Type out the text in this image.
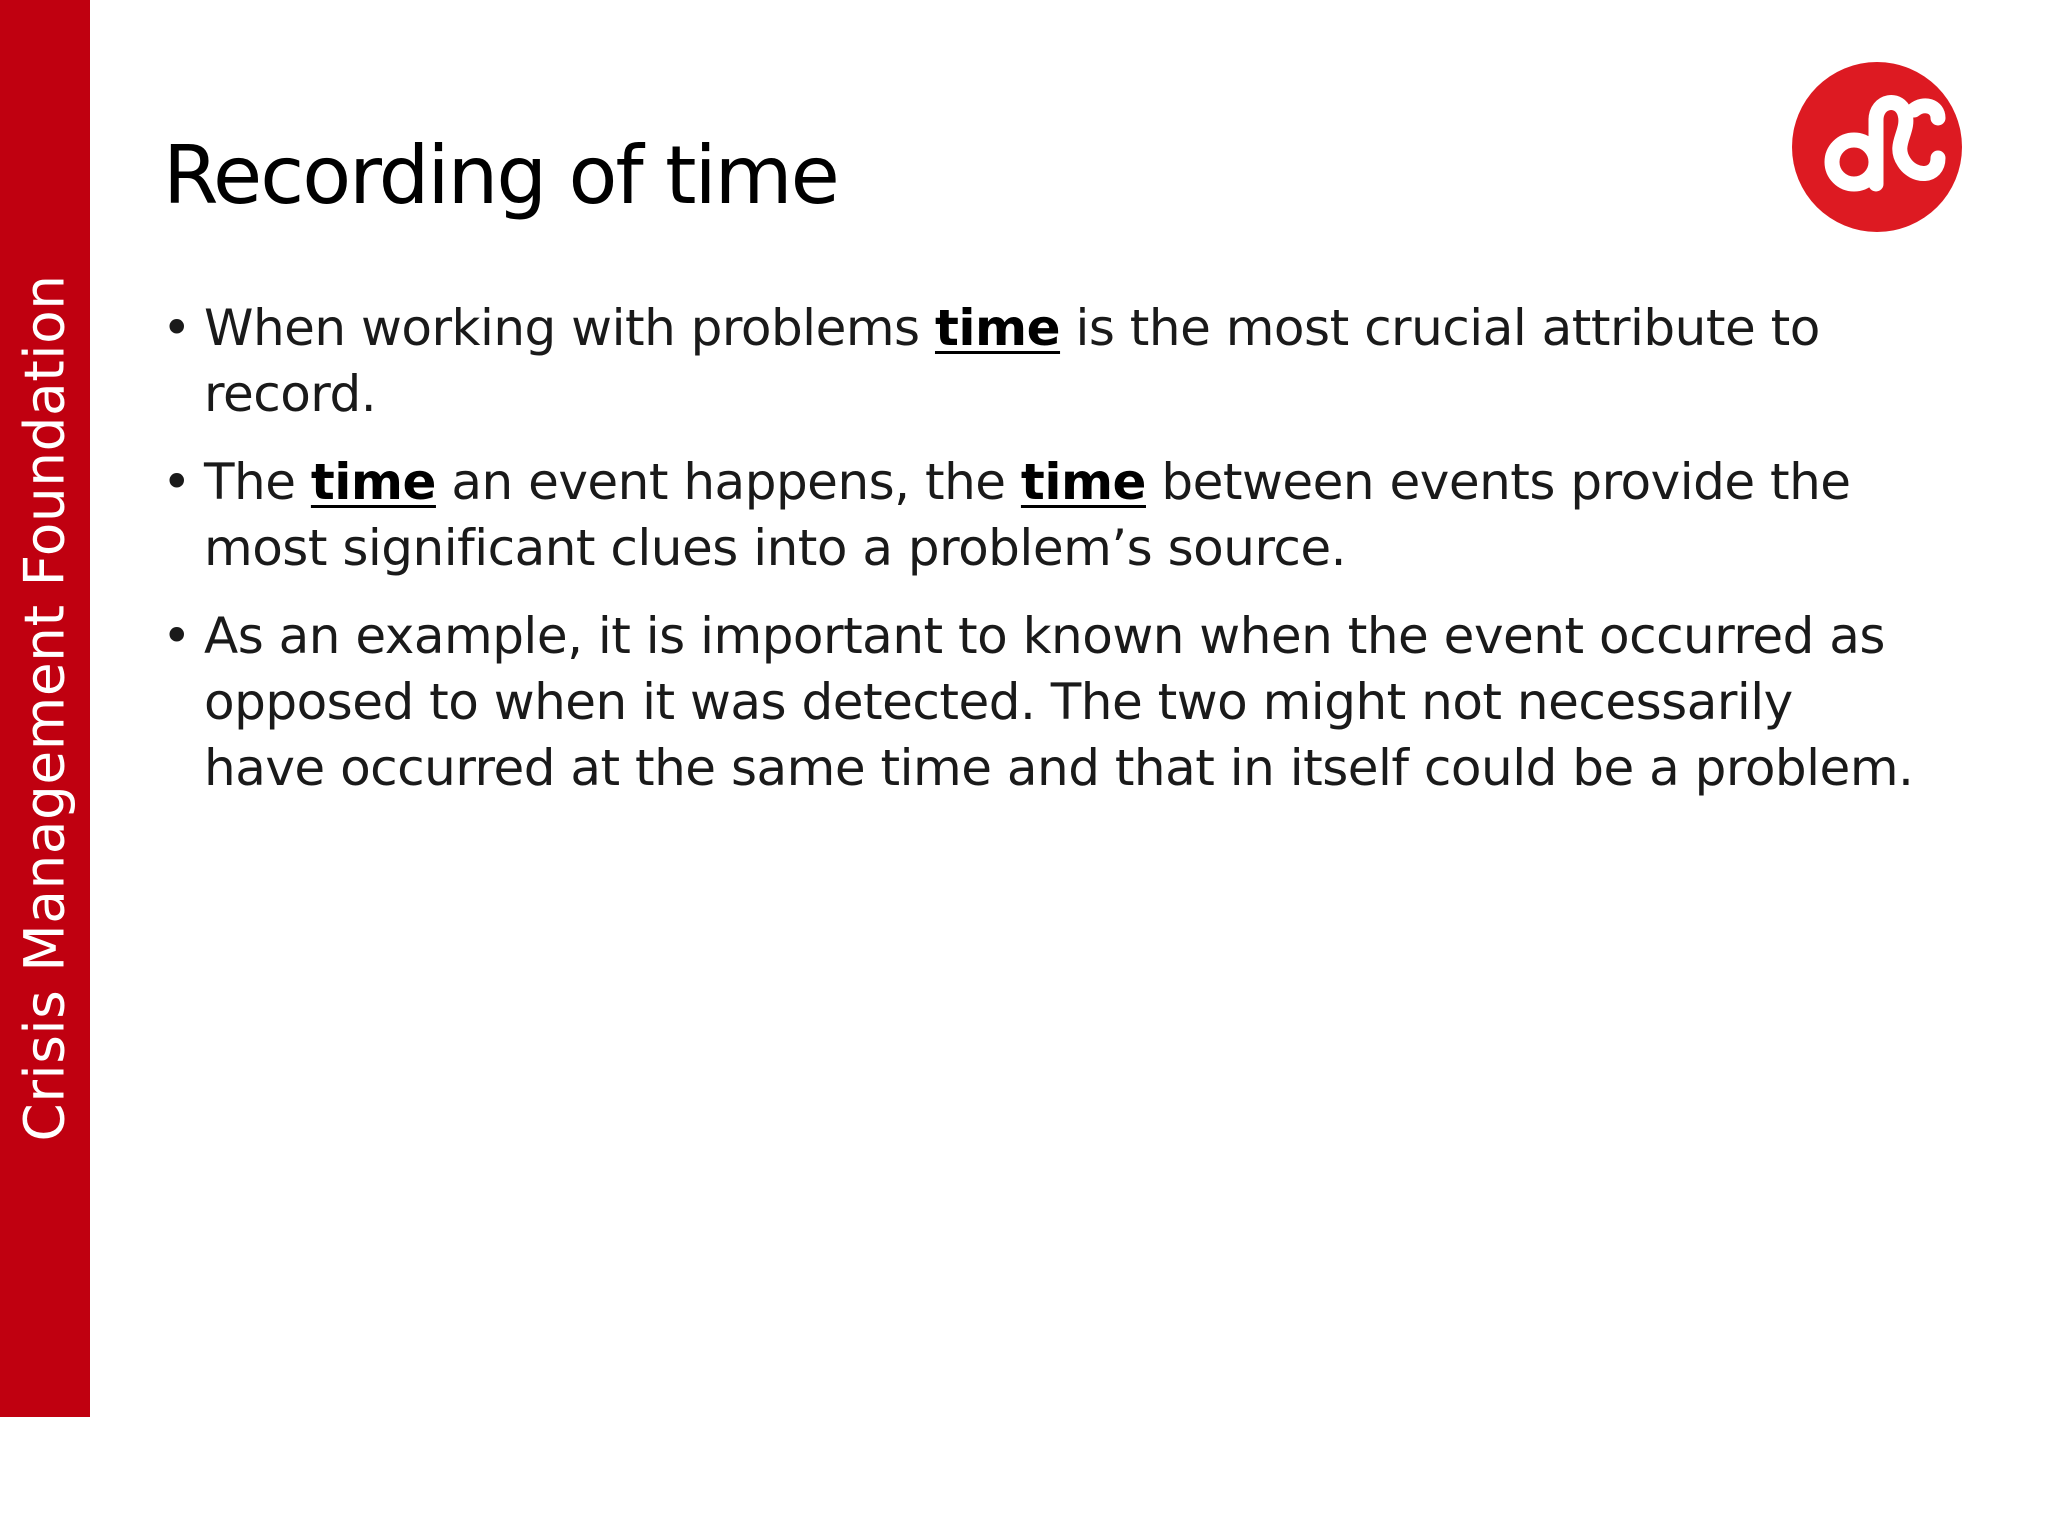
Crisis Management Foundation
Recording of time
• When working with problems time is the most crucial attribute to record.
• The time an event happens, the time between events provide the most significant clues into a problem’s source.
• As an example, it is important to known when the event occurred as opposed to when it was detected. The two might not necessarily have occurred at the same time and that in itself could be a problem.
